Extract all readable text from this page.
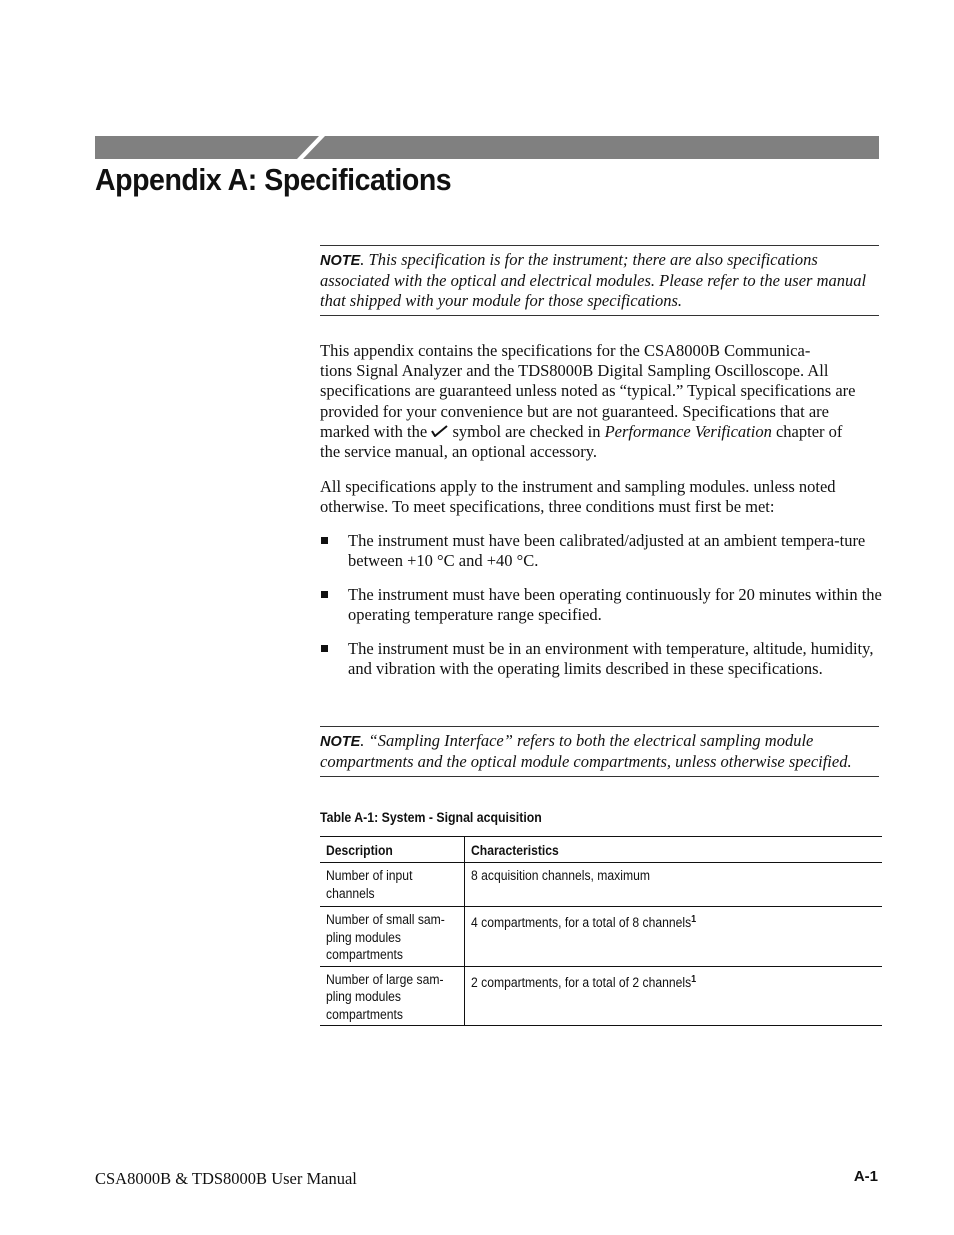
Appendix A: Specifications
NOTE. This specification is for the instrument; there are also specifications associated with the optical and electrical modules. Please refer to the user manual that shipped with your module for those specifications.
This appendix contains the specifications for the CSA8000B Communica-
tions Signal Analyzer and the TDS8000B Digital Sampling Oscilloscope. All
specifications are guaranteed unless noted as “typical.” Typical specifications are
provided for your convenience but are not guaranteed. Specifications that are
marked with the symbol are checked in Performance Verification chapter of
the service manual, an optional accessory.

All specifications apply to the instrument and sampling modules. unless noted otherwise. To meet specifications, three conditions must first be met:

The instrument must have been calibrated/adjusted at an ambient tempera-ture between +10 °C and +40 °C.
The instrument must have been operating continuously for 20 minutes within the operating temperature range specified.
The instrument must be in an environment with temperature, altitude, humidity, and vibration with the operating limits described in these specifications.
NOTE. “Sampling Interface” refers to both the electrical sampling module compartments and the optical module compartments, unless otherwise specified.
Table A-1: System - Signal acquisition
Description	Characteristics
Number of input
channels	8 acquisition channels, maximum
Number of small sam-
pling modules
compartments	4 compartments, for a total of 8 channels$^1$
Number of large sam-
pling modules
compartments	2 compartments, for a total of 2 channels$^1$
CSA8000B & TDS8000B User Manual	A-1
